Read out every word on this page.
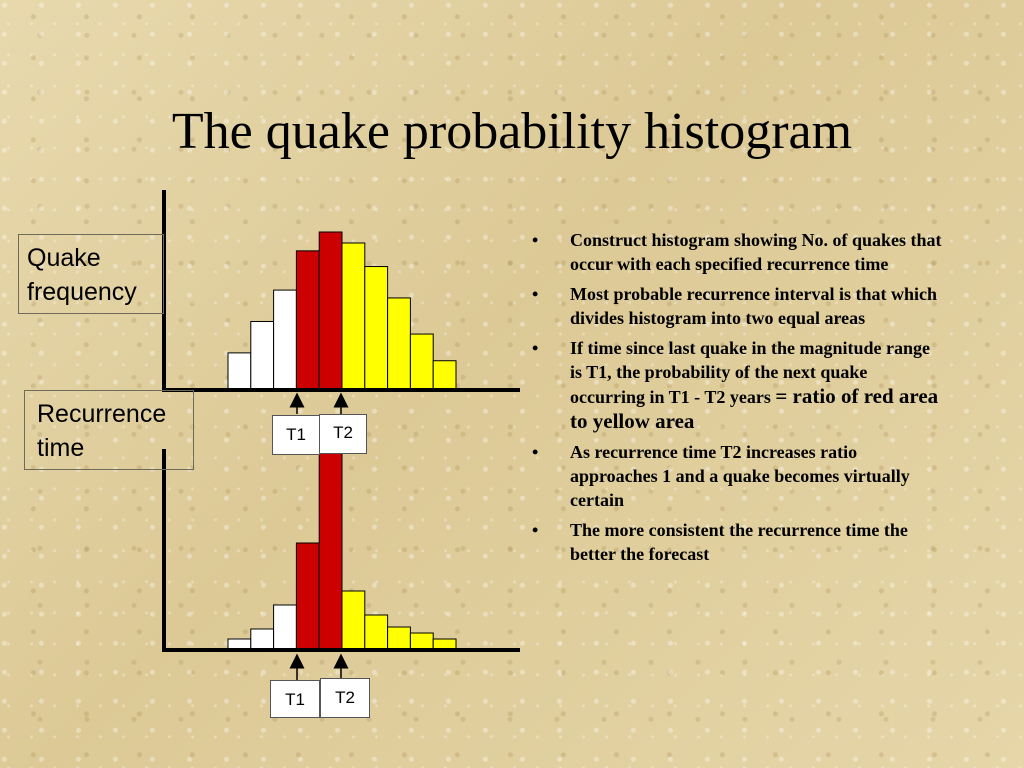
The quake probability histogram
Quake
frequency
Recurrence
time	T1	T2
T1	T2
• Construct histogram showing No. of quakes that occur with each specified recurrence time
• Most probable recurrence interval is that which divides histogram into two equal areas
• If time since last quake in the magnitude range is T1, the probability of the next quake occurring in T1 - T2 years = ratio of red area to yellow area
• As recurrence time T2 increases ratio approaches 1 and a quake becomes virtually certain
• The more consistent the recurrence time the better the forecast
